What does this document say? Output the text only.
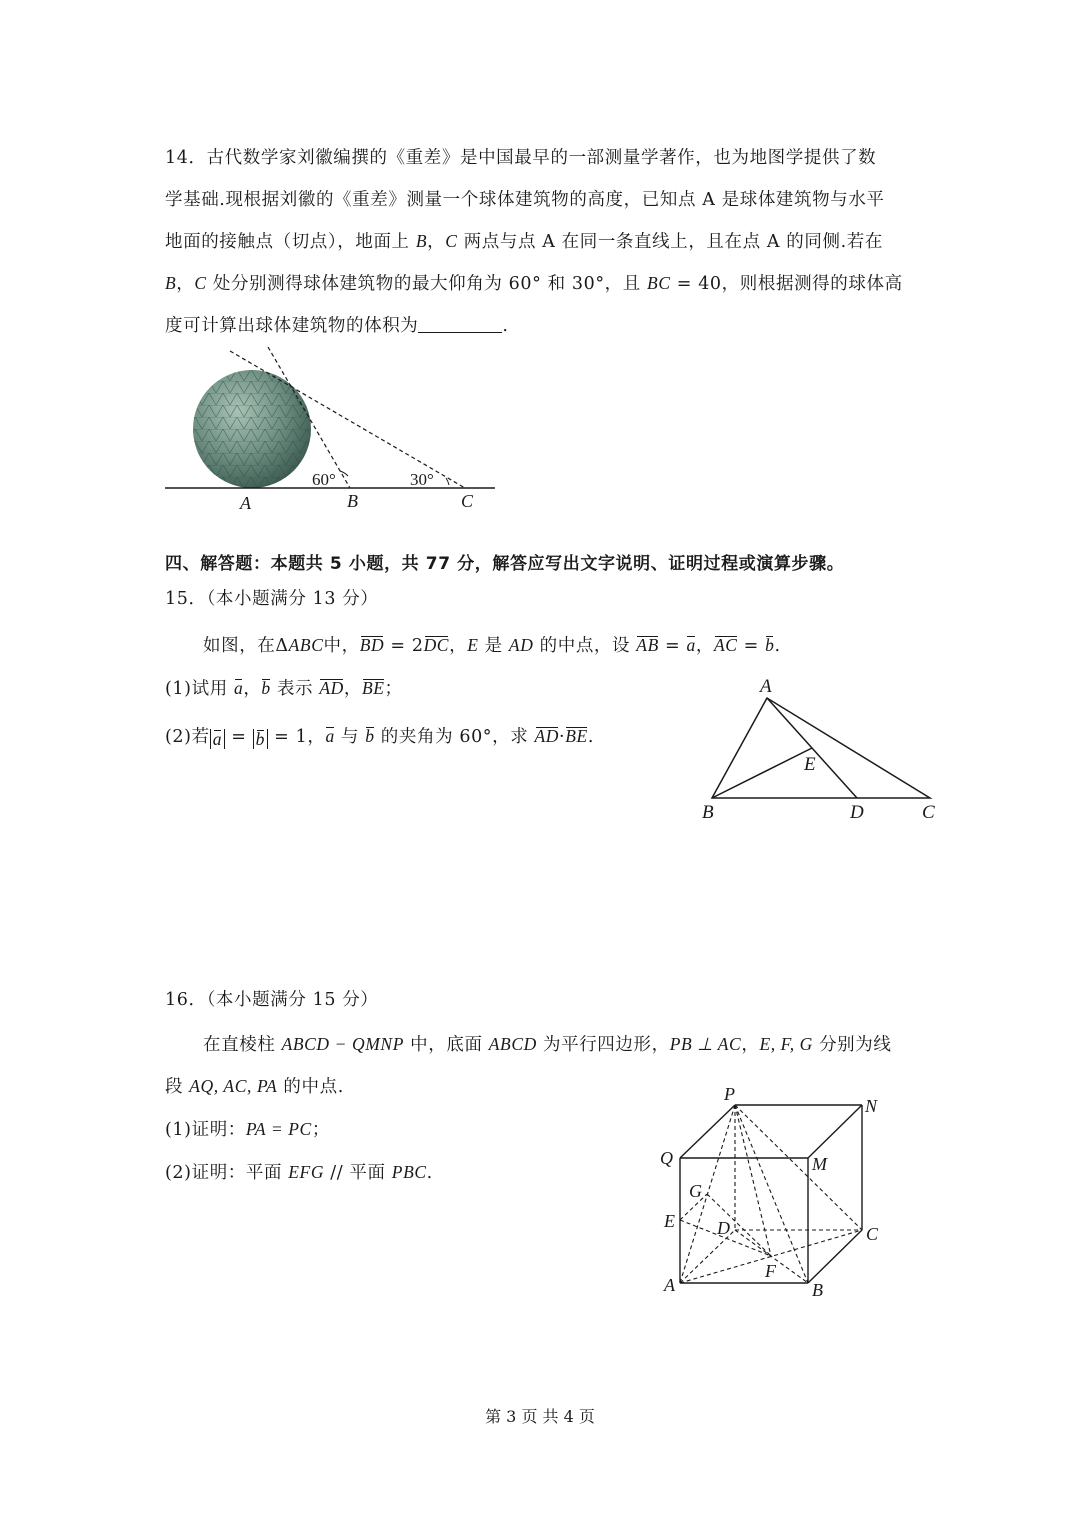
14．古代数学家刘徽编撰的《重差》是中国最早的一部测量学著作，也为地图学提供了数
学基础.现根据刘徽的《重差》测量一个球体建筑物的高度，已知点 A 是球体建筑物与水平
地面的接触点（切点），地面上 B，C 两点与点 A 在同一条直线上，且在点 A 的同侧.若在
B，C 处分别测得球体建筑物的最大仰角为 60° 和 30°，且 BC = 40，则根据测得的球体高
度可计算出球体建筑物的体积为	.
60°	30°
A	B	C
四、解答题：本题共 5 小题，共 77 分，解答应写出文字说明、证明过程或演算步骤。
15．（本小题满分 13 分）
如图，在ΔABC中，BD = 2DC，E 是 AD 的中点，设 AB = a，AC = b.
(1)试用 a，b 表示 AD，BE；
(2)若 a = b = 1，a 与 b 的夹角为 60°，求 AD·BE.
A
B	C
D
E
16．（本小题满分 15 分）
在直棱柱 ABCD − QMNP 中，底面 ABCD 为平行四边形，PB ⊥ AC，E, F, G 分别为线
段 AQ, AC, PA 的中点.
(1)证明：PA = PC；
(2)证明：平面 EFG // 平面 PBC.
P
N
Q	M
G
E D	C
F
A	B
第 3 页 共 4 页
